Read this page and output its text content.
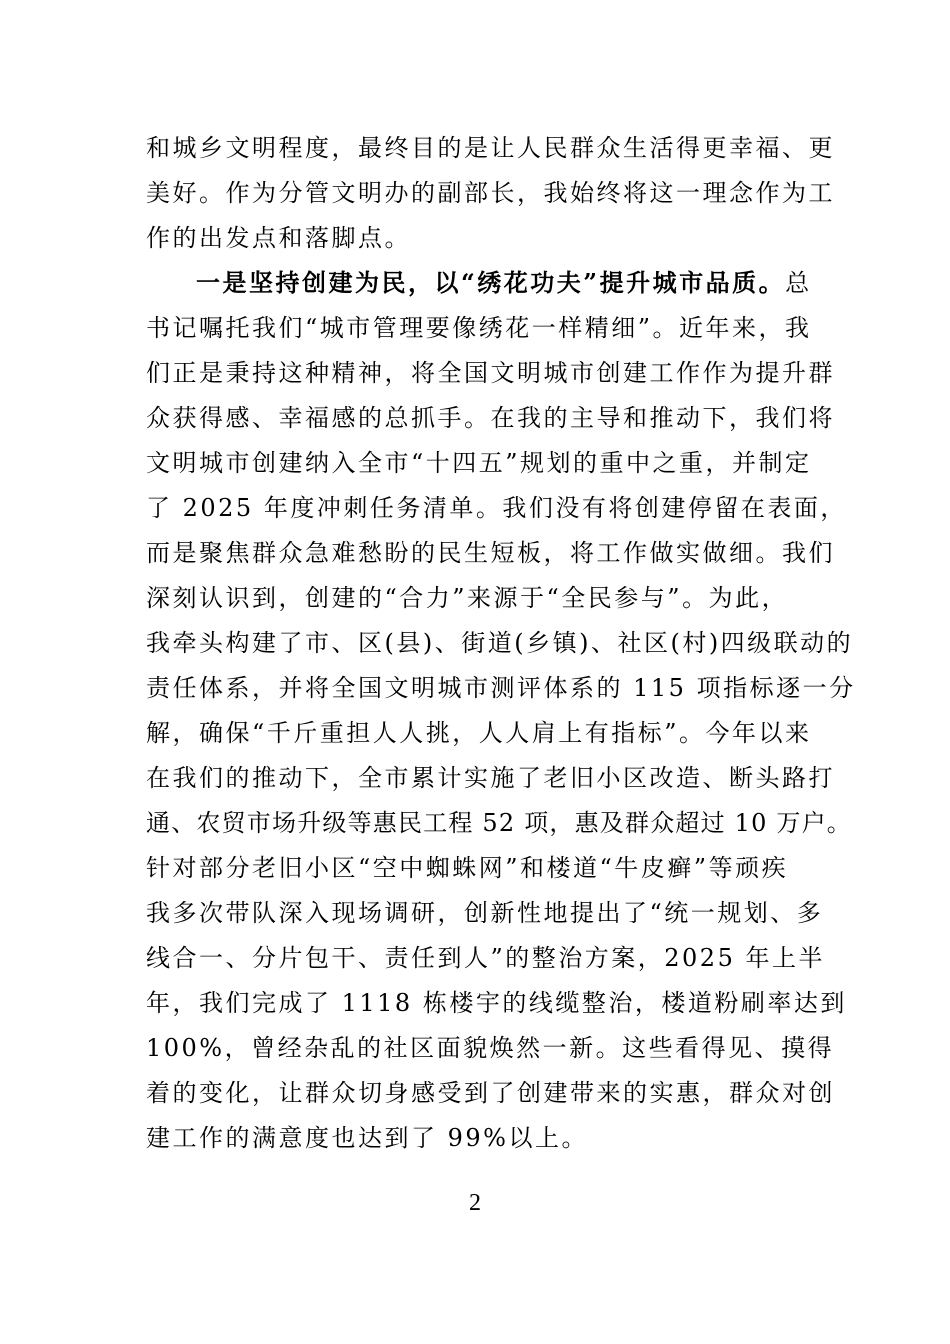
和城乡文明程度，最终目的是让人民群众生活得更幸福、更
美好。作为分管文明办的副部长，我始终将这一理念作为工
作的出发点和落脚点。
一是坚持创建为民，以“绣花功夫”提升城市品质。总
书记嘱托我们“城市管理要像绣花一样精细”。近年来，我
们正是秉持这种精神，将全国文明城市创建工作作为提升群
众获得感、幸福感的总抓手。在我的主导和推动下，我们将
文明城市创建纳入全市“十四五”规划的重中之重，并制定
了 2025 年度冲刺任务清单。我们没有将创建停留在表面，
而是聚焦群众急难愁盼的民生短板，将工作做实做细。我们
深刻认识到，创建的“合力”来源于“全民参与”。为此，
我牵头构建了市、区(县)、街道(乡镇)、社区(村)四级联动的
责任体系，并将全国文明城市测评体系的 115 项指标逐一分
解，确保“千斤重担人人挑，人人肩上有指标”。今年以来
在我们的推动下，全市累计实施了老旧小区改造、断头路打
通、农贸市场升级等惠民工程 52 项，惠及群众超过 10 万户。
针对部分老旧小区“空中蜘蛛网”和楼道“牛皮癣”等顽疾
我多次带队深入现场调研，创新性地提出了“统一规划、多
线合一、分片包干、责任到人”的整治方案，2025 年上半
年，我们完成了 1118 栋楼宇的线缆整治，楼道粉刷率达到
100%，曾经杂乱的社区面貌焕然一新。这些看得见、摸得
着的变化，让群众切身感受到了创建带来的实惠，群众对创
建工作的满意度也达到了 99%以上。
2
